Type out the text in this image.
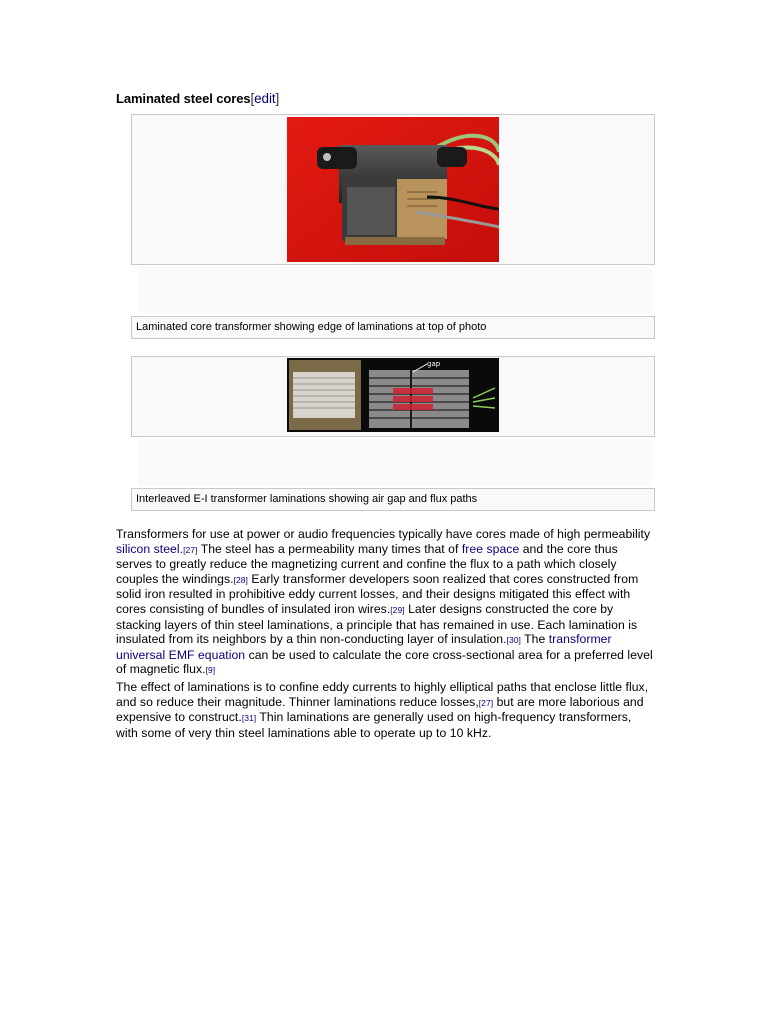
Laminated steel cores[edit]
Laminated core transformer showing edge of laminations at top of photo
gap
Interleaved E-I transformer laminations showing air gap and flux paths
Transformers for use at power or audio frequencies typically have cores made of high permeability silicon steel.[27] The steel has a permeability many times that of free space and the core thus serves to greatly reduce the magnetizing current and confine the flux to a path which closely couples the windings.[28] Early transformer developers soon realized that cores constructed from solid iron resulted in prohibitive eddy current losses, and their designs mitigated this effect with cores consisting of bundles of insulated iron wires.[29] Later designs constructed the core by stacking layers of thin steel laminations, a principle that has remained in use. Each lamination is insulated from its neighbors by a thin non-conducting layer of insulation.[30] The transformer universal EMF equation can be used to calculate the core cross-sectional area for a preferred level of magnetic flux.[9]
The effect of laminations is to confine eddy currents to highly elliptical paths that enclose little flux, and so reduce their magnitude. Thinner laminations reduce losses,[27] but are more laborious and expensive to construct.[31] Thin laminations are generally used on high-frequency transformers, with some of very thin steel laminations able to operate up to 10 kHz.
